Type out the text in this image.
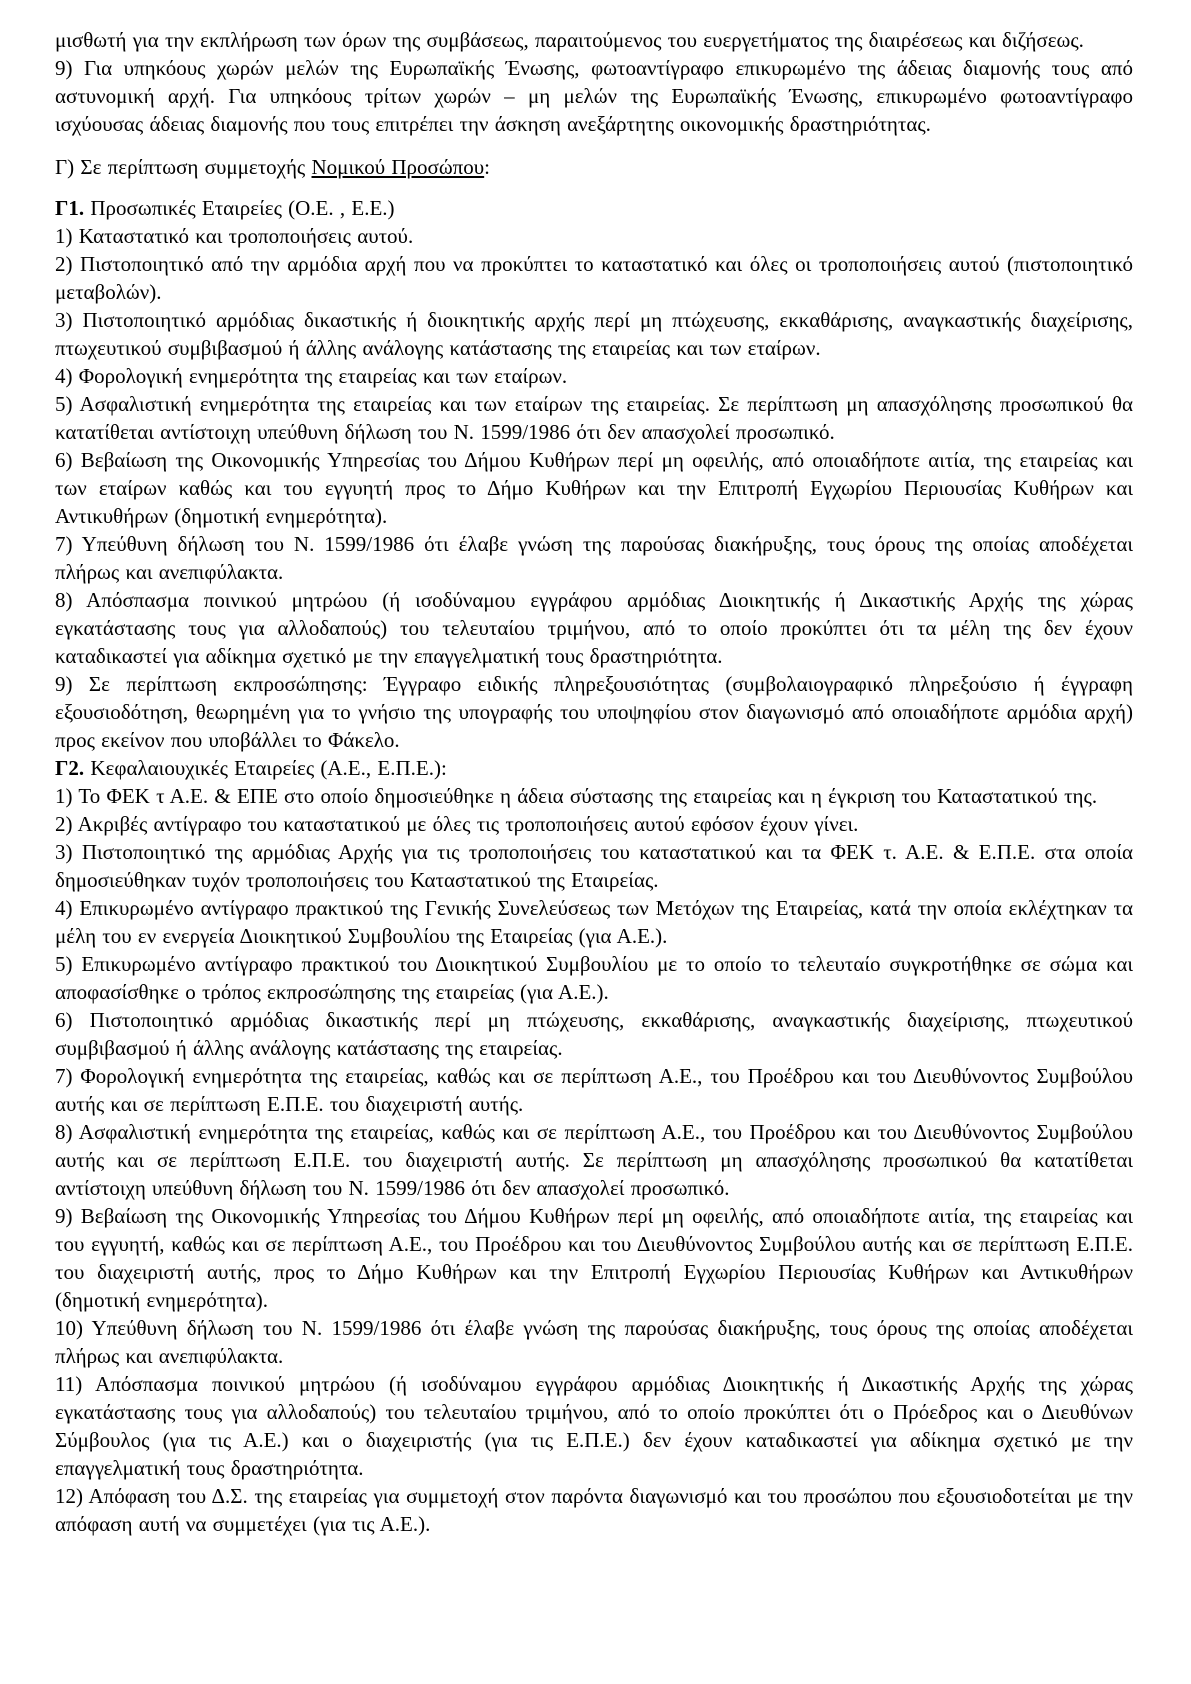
μισθωτή για την εκπλήρωση των όρων της συμβάσεως, παραιτούμενος του ευεργετήματος της διαιρέσεως και διζήσεως.

9) Για υπηκόους χωρών μελών της Ευρωπαϊκής Ένωσης, φωτοαντίγραφο επικυρωμένο της άδειας διαμονής τους από αστυνομική αρχή. Για υπηκόους τρίτων χωρών – μη μελών της Ευρωπαϊκής Ένωσης, επικυρωμένο φωτοαντίγραφο ισχύουσας άδειας διαμονής που τους επιτρέπει την άσκηση ανεξάρτητης οικονομικής δραστηριότητας.

Γ) Σε περίπτωση συμμετοχής Νομικού Προσώπου:

Γ1. Προσωπικές Εταιρείες (Ο.Ε. , Ε.Ε.)

1) Καταστατικό και τροποποιήσεις αυτού.

2) Πιστοποιητικό από την αρμόδια αρχή που να προκύπτει το καταστατικό και όλες οι τροποποιήσεις αυτού (πιστοποιητικό μεταβολών).

3) Πιστοποιητικό αρμόδιας δικαστικής ή διοικητικής αρχής περί μη πτώχευσης, εκκαθάρισης, αναγκαστικής διαχείρισης, πτωχευτικού συμβιβασμού ή άλλης ανάλογης κατάστασης της εταιρείας και των εταίρων.

4) Φορολογική ενημερότητα της εταιρείας και των εταίρων.

5) Ασφαλιστική ενημερότητα της εταιρείας και των εταίρων της εταιρείας. Σε περίπτωση μη απασχόλησης προσωπικού θα κατατίθεται αντίστοιχη υπεύθυνη δήλωση του Ν. 1599/1986 ότι δεν απασχολεί προσωπικό.

6) Βεβαίωση της Οικονομικής Υπηρεσίας του Δήμου Κυθήρων περί μη οφειλής, από οποιαδήποτε αιτία, της εταιρείας και των εταίρων καθώς και του εγγυητή προς το Δήμο Κυθήρων και την Επιτροπή Εγχωρίου Περιουσίας Κυθήρων και Αντικυθήρων (δημοτική ενημερότητα).

7) Υπεύθυνη δήλωση του Ν. 1599/1986 ότι έλαβε γνώση της παρούσας διακήρυξης, τους όρους της οποίας αποδέχεται πλήρως και ανεπιφύλακτα.

8) Απόσπασμα ποινικού μητρώου (ή ισοδύναμου εγγράφου αρμόδιας Διοικητικής ή Δικαστικής Αρχής της χώρας εγκατάστασης τους για αλλοδαπούς) του τελευταίου τριμήνου, από το οποίο προκύπτει ότι τα μέλη της δεν έχουν καταδικαστεί για αδίκημα σχετικό με την επαγγελματική τους δραστηριότητα.

9) Σε περίπτωση εκπροσώπησης: Έγγραφο ειδικής πληρεξουσιότητας (συμβολαιογραφικό πληρεξούσιο ή έγγραφη εξουσιοδότηση, θεωρημένη για το γνήσιο της υπογραφής του υποψηφίου στον διαγωνισμό από οποιαδήποτε αρμόδια αρχή) προς εκείνον που υποβάλλει το Φάκελο.

Γ2. Κεφαλαιουχικές Εταιρείες (Α.Ε., Ε.Π.Ε.):

1) Το ΦΕΚ τ Α.Ε. & ΕΠΕ στο οποίο δημοσιεύθηκε η άδεια σύστασης της εταιρείας και η έγκριση του Καταστατικού της.

2) Ακριβές αντίγραφο του καταστατικού με όλες τις τροποποιήσεις αυτού εφόσον έχουν γίνει.

3) Πιστοποιητικό της αρμόδιας Αρχής για τις τροποποιήσεις του καταστατικού και τα ΦΕΚ τ. Α.Ε. & Ε.Π.Ε. στα οποία δημοσιεύθηκαν τυχόν τροποποιήσεις του Καταστατικού της Εταιρείας.

4) Επικυρωμένο αντίγραφο πρακτικού της Γενικής Συνελεύσεως των Μετόχων της Εταιρείας, κατά την οποία εκλέχτηκαν τα μέλη του εν ενεργεία Διοικητικού Συμβουλίου της Εταιρείας (για Α.Ε.).

5) Επικυρωμένο αντίγραφο πρακτικού του Διοικητικού Συμβουλίου με το οποίο το τελευταίο συγκροτήθηκε σε σώμα και αποφασίσθηκε ο τρόπος εκπροσώπησης της εταιρείας (για Α.Ε.).

6) Πιστοποιητικό αρμόδιας δικαστικής περί μη πτώχευσης, εκκαθάρισης, αναγκαστικής διαχείρισης, πτωχευτικού συμβιβασμού ή άλλης ανάλογης κατάστασης της εταιρείας.

7) Φορολογική ενημερότητα της εταιρείας, καθώς και σε περίπτωση Α.Ε., του Προέδρου και του Διευθύνοντος Συμβούλου αυτής και σε περίπτωση Ε.Π.Ε. του διαχειριστή αυτής.

8) Ασφαλιστική ενημερότητα της εταιρείας, καθώς και σε περίπτωση Α.Ε., του Προέδρου και του Διευθύνοντος Συμβούλου αυτής και σε περίπτωση Ε.Π.Ε. του διαχειριστή αυτής. Σε περίπτωση μη απασχόλησης προσωπικού θα κατατίθεται αντίστοιχη υπεύθυνη δήλωση του Ν. 1599/1986 ότι δεν απασχολεί προσωπικό.

9) Βεβαίωση της Οικονομικής Υπηρεσίας του Δήμου Κυθήρων περί μη οφειλής, από οποιαδήποτε αιτία, της εταιρείας και του εγγυητή, καθώς και σε περίπτωση Α.Ε., του Προέδρου και του Διευθύνοντος Συμβούλου αυτής και σε περίπτωση Ε.Π.Ε. του διαχειριστή αυτής, προς το Δήμο Κυθήρων και την Επιτροπή Εγχωρίου Περιουσίας Κυθήρων και Αντικυθήρων (δημοτική ενημερότητα).

10) Υπεύθυνη δήλωση του Ν. 1599/1986 ότι έλαβε γνώση της παρούσας διακήρυξης, τους όρους της οποίας αποδέχεται πλήρως και ανεπιφύλακτα.

11) Απόσπασμα ποινικού μητρώου (ή ισοδύναμου εγγράφου αρμόδιας Διοικητικής ή Δικαστικής Αρχής της χώρας εγκατάστασης τους για αλλοδαπούς) του τελευταίου τριμήνου, από το οποίο προκύπτει ότι ο Πρόεδρος και ο Διευθύνων Σύμβουλος (για τις Α.Ε.) και ο διαχειριστής (για τις Ε.Π.Ε.) δεν έχουν καταδικαστεί για αδίκημα σχετικό με την επαγγελματική τους δραστηριότητα.

12) Απόφαση του Δ.Σ. της εταιρείας για συμμετοχή στον παρόντα διαγωνισμό και του προσώπου που εξουσιοδοτείται με την απόφαση αυτή να συμμετέχει (για τις Α.Ε.).
